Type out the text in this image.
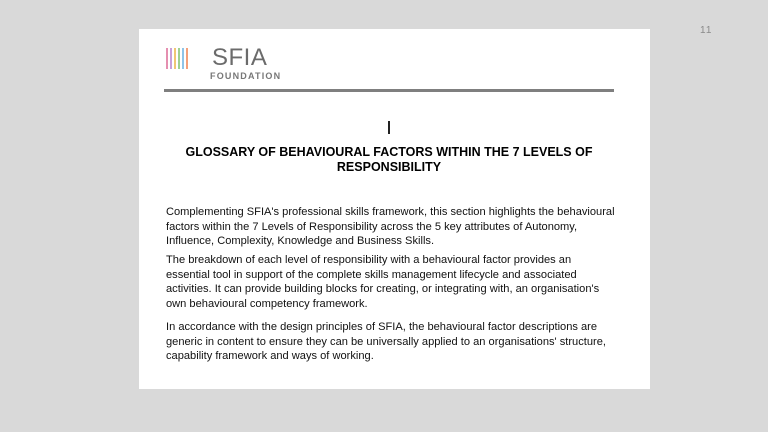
11
SFIA
FOUNDATION
GLOSSARY OF BEHAVIOURAL FACTORS WITHIN THE 7 LEVELS OF RESPONSIBILITY

Complementing SFIA's professional skills framework, this section highlights the behavioural factors within the 7 Levels of Responsibility across the 5 key attributes of Autonomy, Influence, Complexity, Knowledge and Business Skills.

The breakdown of each level of responsibility with a behavioural factor provides an essential tool in support of the complete skills management lifecycle and associated activities. It can provide building blocks for creating, or integrating with, an organisation's own behavioural competency framework.

In accordance with the design principles of SFIA, the behavioural factor descriptions are generic in content to ensure they can be universally applied to an organisations' structure, capability framework and ways of working.
